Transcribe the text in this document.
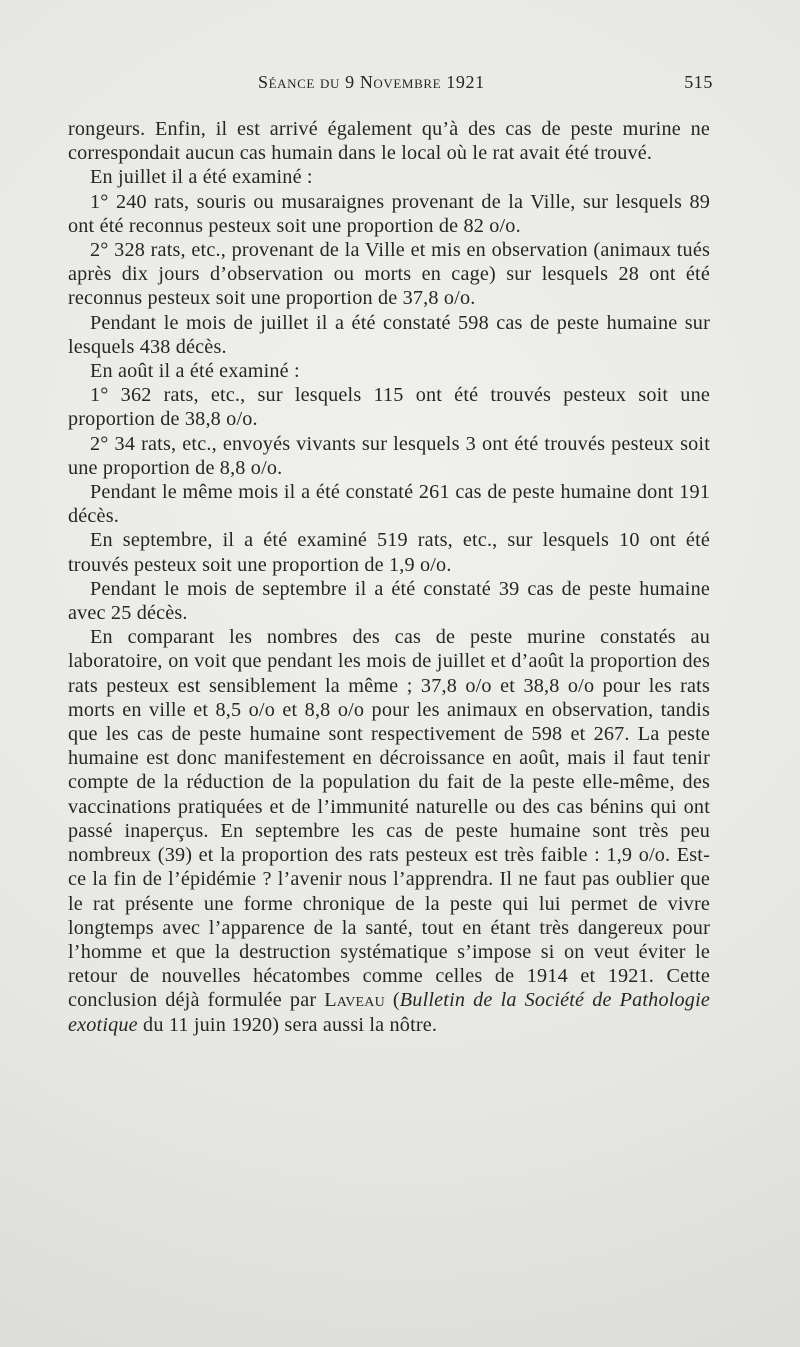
Séance du 9 Novembre 1921	515

rongeurs. Enfin, il est arrivé également qu’à des cas de peste murine ne correspondait aucun cas humain dans le local où le rat avait été trouvé.

En juillet il a été examiné :

1° 240 rats, souris ou musaraignes provenant de la Ville, sur lesquels 89 ont été reconnus pesteux soit une proportion de 82 o/o.

2° 328 rats, etc., provenant de la Ville et mis en observation (animaux tués après dix jours d’observation ou morts en cage) sur lesquels 28 ont été reconnus pesteux soit une proportion de 37,8 o/o.

Pendant le mois de juillet il a été constaté 598 cas de peste humaine sur lesquels 438 décès.

En août il a été examiné :

1° 362 rats, etc., sur lesquels 115 ont été trouvés pesteux soit une proportion de 38,8 o/o.

2° 34 rats, etc., envoyés vivants sur lesquels 3 ont été trouvés pesteux soit une proportion de 8,8 o/o.

Pendant le même mois il a été constaté 261 cas de peste humaine dont 191 décès.

En septembre, il a été examiné 519 rats, etc., sur lesquels 10 ont été trouvés pesteux soit une proportion de 1,9 o/o.

Pendant le mois de septembre il a été constaté 39 cas de peste humaine avec 25 décès.

En comparant les nombres des cas de peste murine constatés au laboratoire, on voit que pendant les mois de juillet et d’août la proportion des rats pesteux est sensiblement la même ; 37,8 o/o et 38,8 o/o pour les rats morts en ville et 8,5 o/o et 8,8 o/o pour les animaux en observation, tandis que les cas de peste humaine sont respectivement de 598 et 267. La peste humaine est donc manifestement en décroissance en août, mais il faut tenir compte de la réduction de la population du fait de la peste elle-même, des vaccinations pratiquées et de l’immunité naturelle ou des cas bénins qui ont passé inaperçus. En septembre les cas de peste humaine sont très peu nombreux (39) et la proportion des rats pesteux est très faible : 1,9 o/o. Est-ce la fin de l’épidémie ? l’avenir nous l’apprendra. Il ne faut pas oublier que le rat présente une forme chronique de la peste qui lui permet de vivre longtemps avec l’apparence de la santé, tout en étant très dangereux pour l’homme et que la destruction systématique s’impose si on veut éviter le retour de nouvelles hécatombes comme celles de 1914 et 1921. Cette conclusion déjà formulée par Laveau (Bulletin de la Société de Pathologie exotique du 11 juin 1920) sera aussi la nôtre.
